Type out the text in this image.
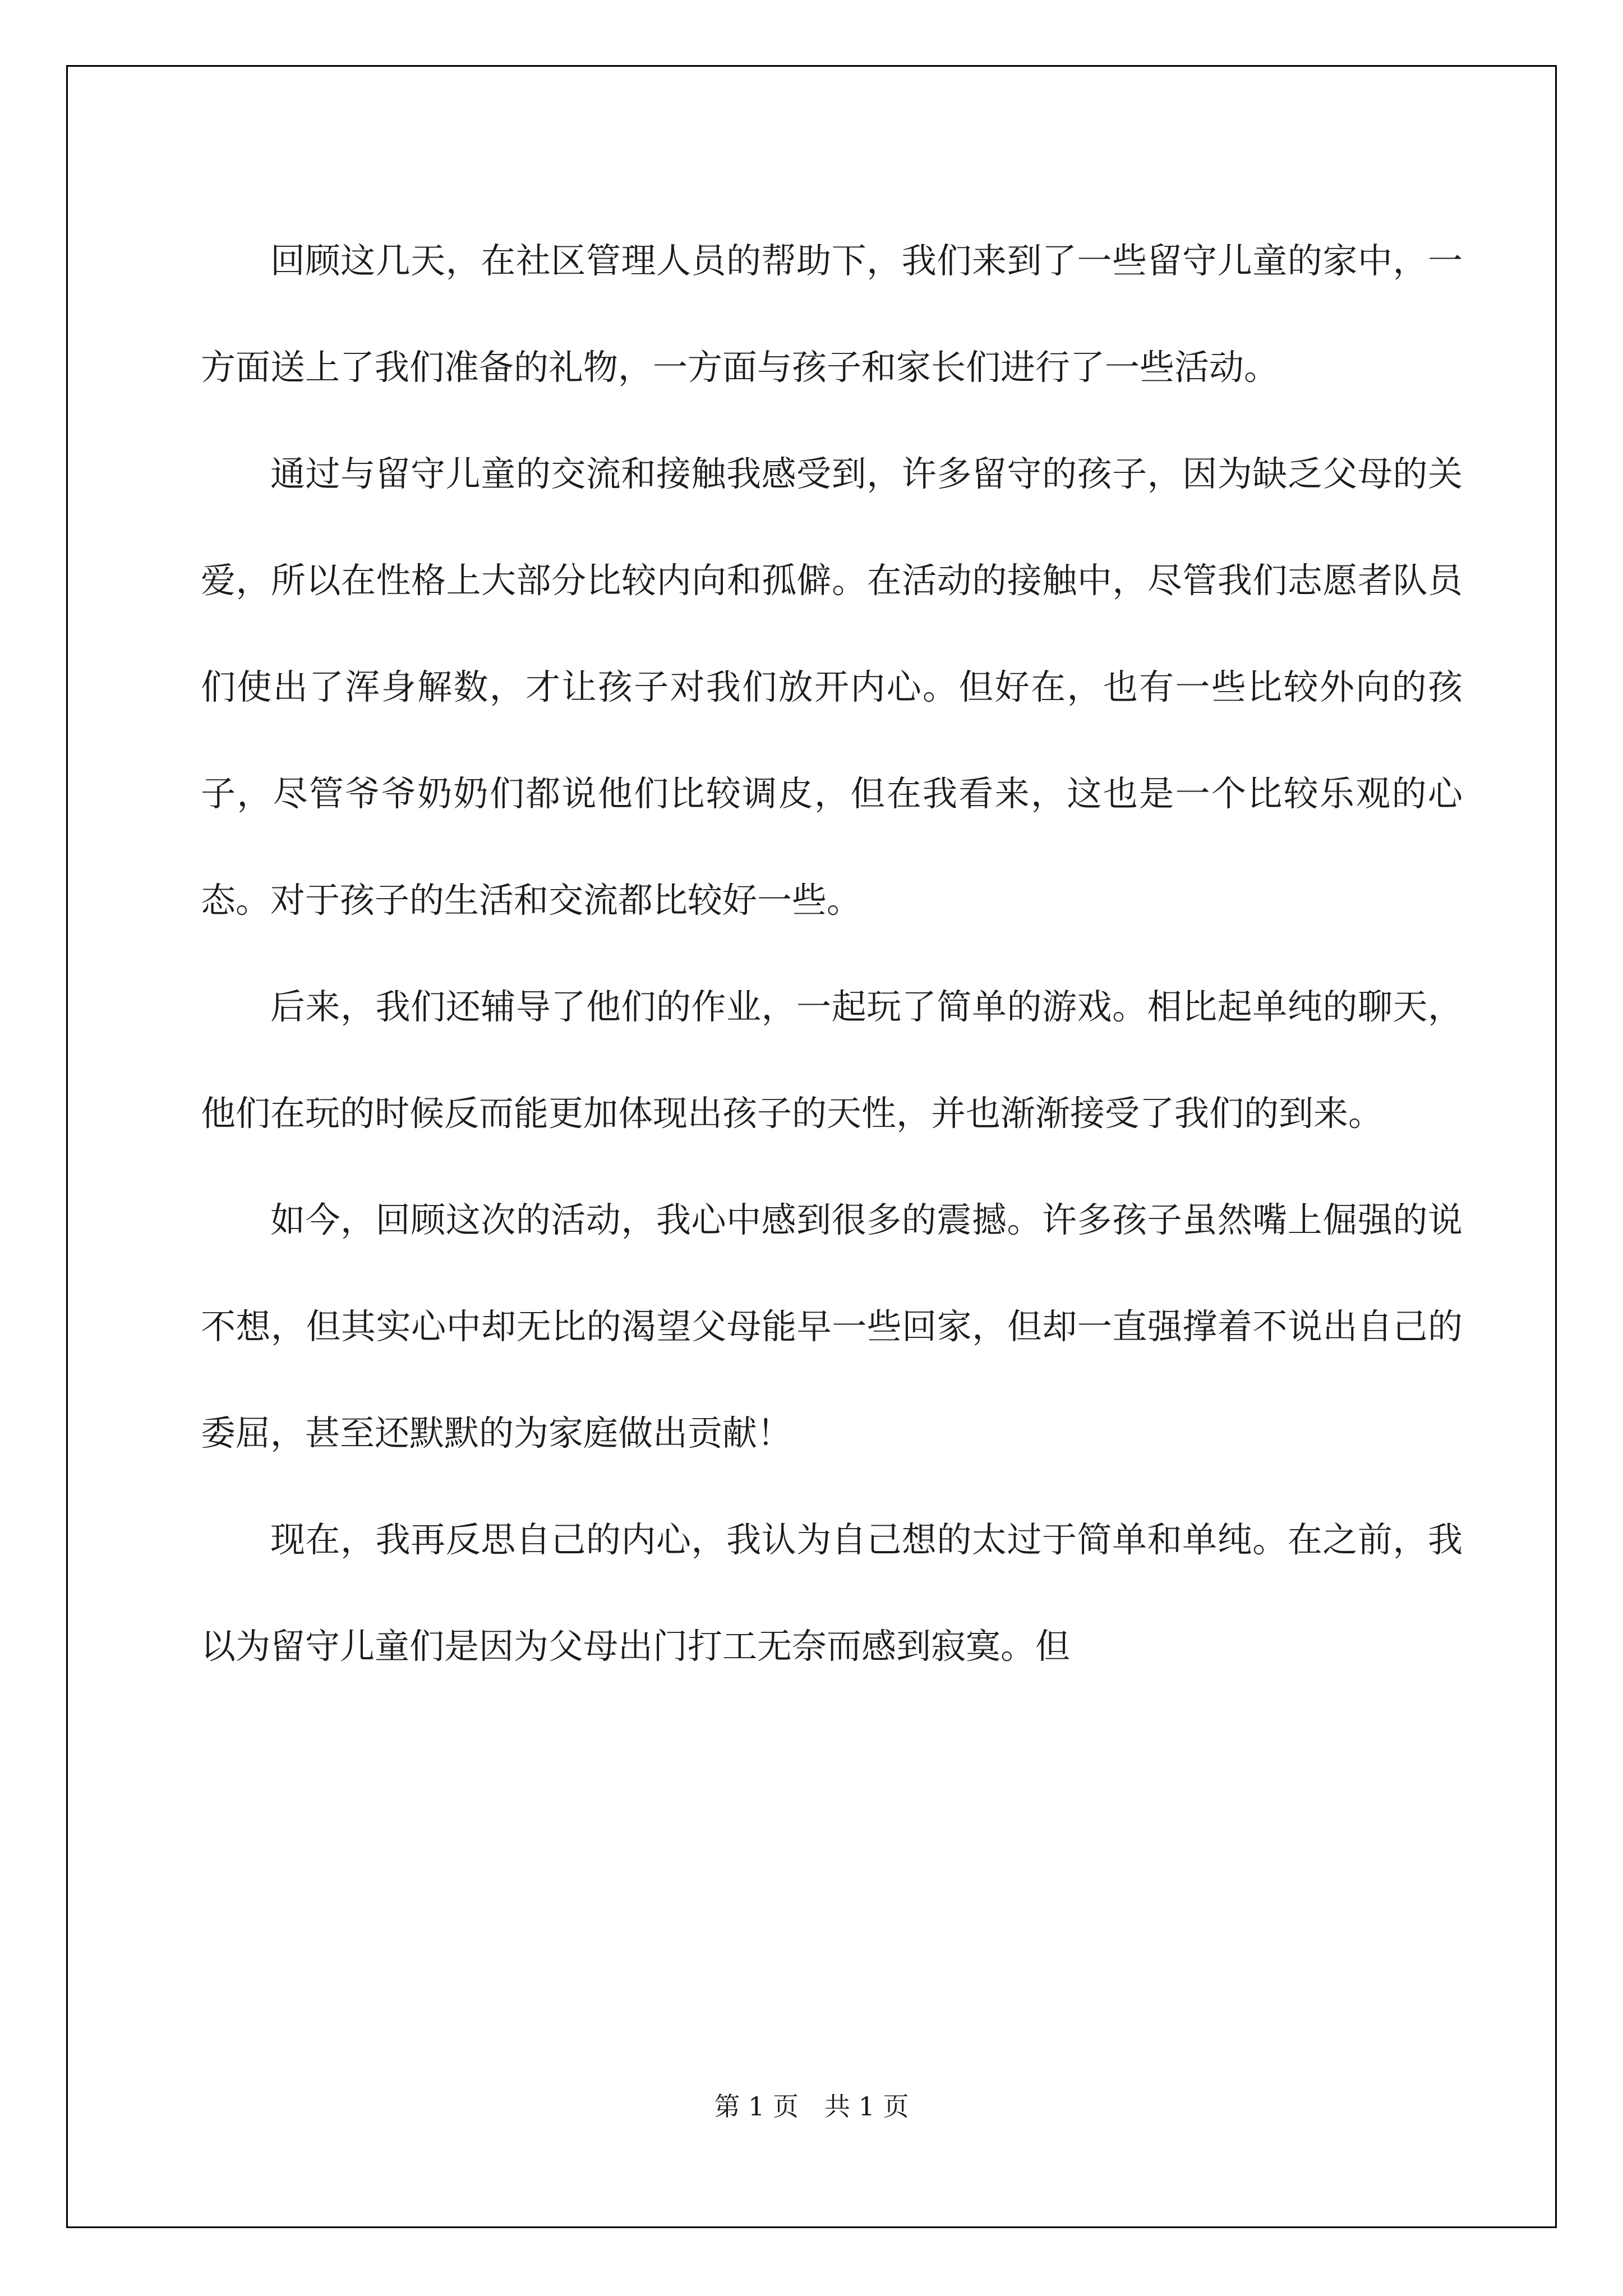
回顾这几天，在社区管理人员的帮助下，我们来到了一些留守儿童的家中，一方面送上了我们准备的礼物，一方面与孩子和家长们进行了一些活动。

通过与留守儿童的交流和接触我感受到，许多留守的孩子，因为缺乏父母的关爱，所以在性格上大部分比较内向和孤僻。在活动的接触中，尽管我们志愿者队员们使出了浑身解数，才让孩子对我们放开内心。但好在，也有一些比较外向的孩子，尽管爷爷奶奶们都说他们比较调皮，但在我看来，这也是一个比较乐观的心态。对于孩子的生活和交流都比较好一些。

后来，我们还辅导了他们的作业，一起玩了简单的游戏。相比起单纯的聊天，他们在玩的时候反而能更加体现出孩子的天性，并也渐渐接受了我们的到来。

如今，回顾这次的活动，我心中感到很多的震撼。许多孩子虽然嘴上倔强的说不想，但其实心中却无比的渴望父母能早一些回家，但却一直强撑着不说出自己的委屈，甚至还默默的为家庭做出贡献！

现在，我再反思自己的内心，我认为自己想的太过于简单和单纯。在之前，我以为留守儿童们是因为父母出门打工无奈而感到寂寞。但

第 1 页　共 1 页
